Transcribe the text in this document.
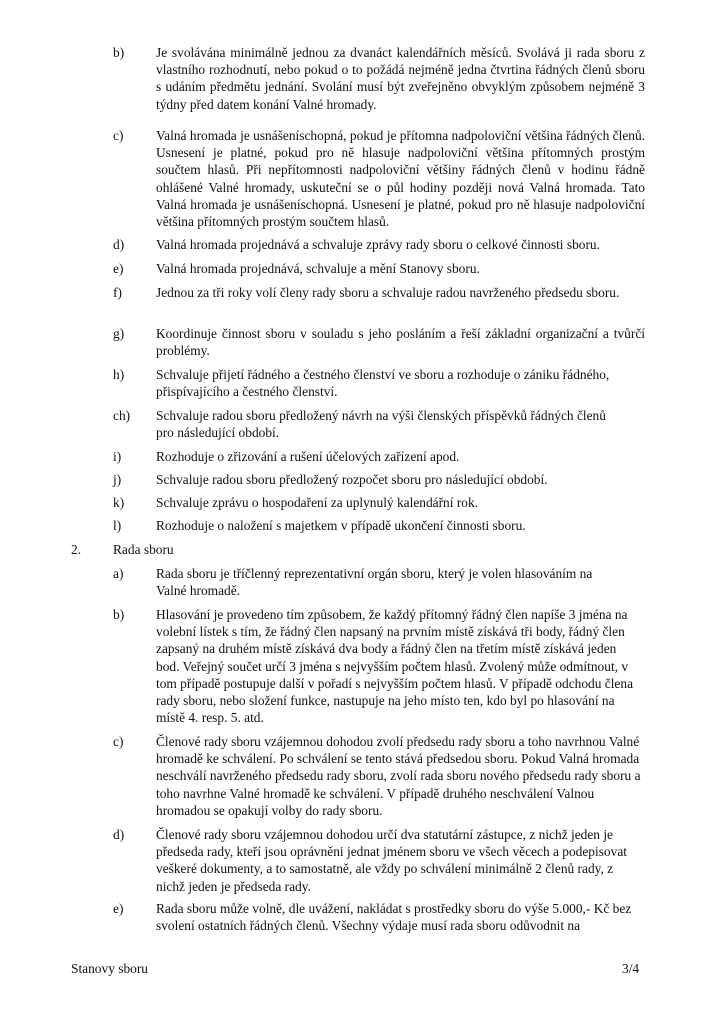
b) Je svolávána minimálně jednou za dvanáct kalendářních měsíců. Svolává ji rada sboru z vlastního rozhodnutí, nebo pokud o to požádá nejméně jedna čtvrtina řádných členů sboru s udáním předmětu jednání. Svolání musí být zveřejněno obvyklým způsobem nejméně 3 týdny před datem konání Valné hromady.
c) Valná hromada je usnášeníschopná, pokud je přítomna nadpoloviční většina řádných členů. Usnesení je platné, pokud pro ně hlasuje nadpoloviční většina přítomných prostým součtem hlasů. Při nepřítomnosti nadpoloviční většiny řádných členů v hodinu řádně ohlášené Valné hromady, uskuteční se o půl hodiny později nová Valná hromada. Tato Valná hromada je usnášeníschopná. Usnesení je platné, pokud pro ně hlasuje nadpoloviční většina přítomných prostým součtem hlasů.
d) Valná hromada projednává a schvaluje zprávy rady sboru o celkové činnosti sboru.
e) Valná hromada projednává, schvaluje a mění Stanovy sboru.
f)	Jednou za tři roky volí členy rady sboru a schvaluje radou navrženého předsedu sboru.
g) Koordinuje činnost sboru v souladu s jeho posláním a řeší základní organizační a tvůrčí problémy.
h) Schvaluje přijetí řádného a čestného členství ve sboru a rozhoduje o zániku řádného, přispívajícího a čestného členství.
ch) Schvaluje radou sboru předložený návrh na výši členských příspěvků řádných členů pro následující období.
i)	Rozhoduje o zřizování a rušení účelových zařízení apod.
j)	Schvaluje radou sboru předložený rozpočet sboru pro následující období.
k) Schvaluje zprávu o hospodaření za uplynulý kalendářní rok.
l)	Rozhoduje o naložení s majetkem v případě ukončení činnosti sboru.
2. Rada sboru
a) Rada sboru je tříčlenný reprezentativní orgán sboru, který je volen hlasováním na Valné hromadě.
b) Hlasování je provedeno tím způsobem, že každý přítomný řádný člen napíše 3 jména na volební lístek s tím, že řádný člen napsaný na prvním místě získává tři body, řádný člen zapsaný na druhém místě získává dva body a řádný člen na třetím místě získává jeden bod. Veřejný součet určí 3 jména s nejvyšším počtem hlasů. Zvolený může odmítnout, v tom případě postupuje další v pořadí s nejvyšším počtem hlasů. V případě odchodu člena rady sboru, nebo složení funkce, nastupuje na jeho místo ten, kdo byl po hlasování na místě 4. resp. 5. atd.
c) Členové rady sboru vzájemnou dohodou zvolí předsedu rady sboru a toho navrhnou Valné hromadě ke schválení. Po schválení se tento stává předsedou sboru. Pokud Valná hromada neschválí navrženého předsedu rady sboru, zvolí rada sboru nového předsedu rady sboru a toho navrhne Valné hromadě ke schválení. V případě druhého neschválení Valnou hromadou se opakují volby do rady sboru.
d) Členové rady sboru vzájemnou dohodou určí dva statutární zástupce, z nichž jeden je předseda rady, kteří jsou oprávněni jednat jménem sboru ve všech věcech a podepisovat veškeré dokumenty, a to samostatně, ale vždy po schválení minimálně 2 členů rady, z nichž jeden je předseda rady.
e) Rada sboru může volně, dle uvážení, nakládat s prostředky sboru do výše 5.000,- Kč bez svolení ostatních řádných členů. Všechny výdaje musí rada sboru odůvodnit na
Stanovy sboru	3/4
